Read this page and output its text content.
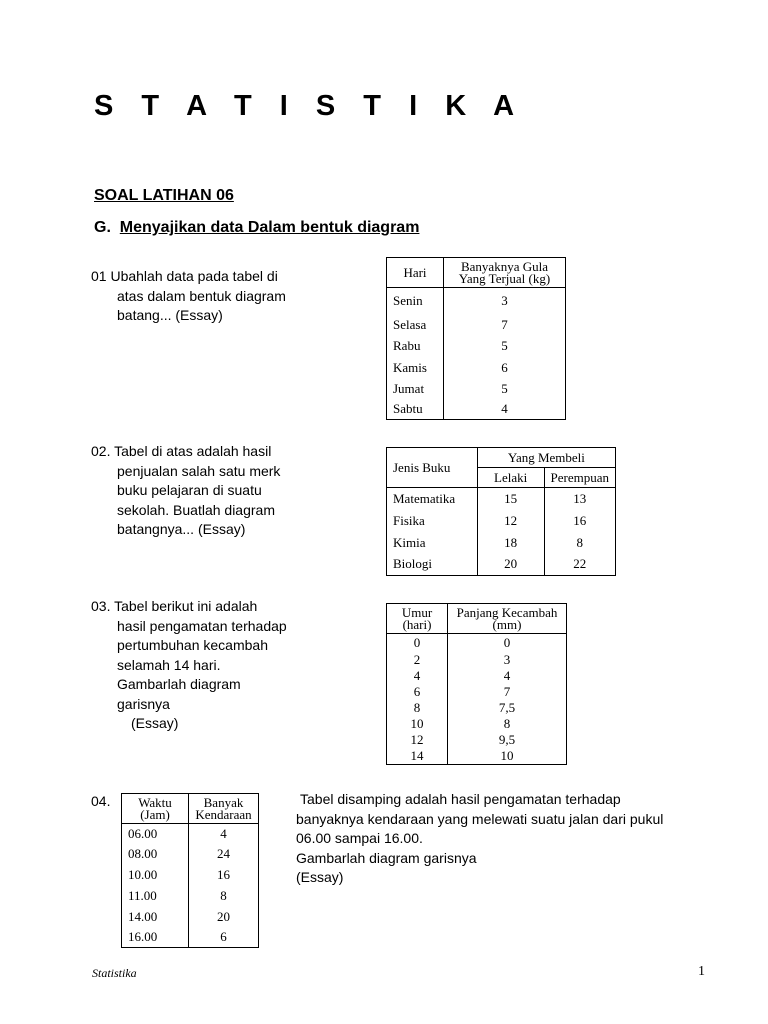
S T A T I S T I K A
SOAL LATIHAN 06
G. Menyajikan data Dalam bentuk diagram
01 Ubahlah data pada tabel di
atas dalam bentuk diagram
batang... (Essay)
Hari	Banyaknya Gula
Yang Terjual (kg)

Senin	3
Selasa	7
Rabu	5
Kamis	6
Jumat	5
Sabtu	4
02. Tabel di atas adalah hasil
penjualan salah satu merk
buku pelajaran di suatu
sekolah. Buatlah diagram
batangnya... (Essay)
Jenis Buku	Yang Membeli	
	Lelaki	Perempuan
Matematika	15	13
Fisika	12	16
Kimia	18	8
Biologi	20	22
03. Tabel berikut ini adalah
hasil pengamatan terhadap
pertumbuhan kecambah
selamah 14 hari.
Gambarlah diagram
garisnya
(Essay)
Umur
(hari)	Panjang Kecambah
(mm)

0	0
2	3
4	4
6	7
8	7,5
10	8
12	9,5
14	10
04.	Waktu
(Jam)	Banyak
Kendaraan

06.00	4
08.00	24
10.00	16
11.00	8
14.00	20
16.00	6
Tabel disamping adalah hasil pengamatan terhadap
banyaknya kendaraan yang melewati suatu jalan dari pukul
06.00 sampai 16.00.
Gambarlah diagram garisnya
(Essay)
Statistika	1
